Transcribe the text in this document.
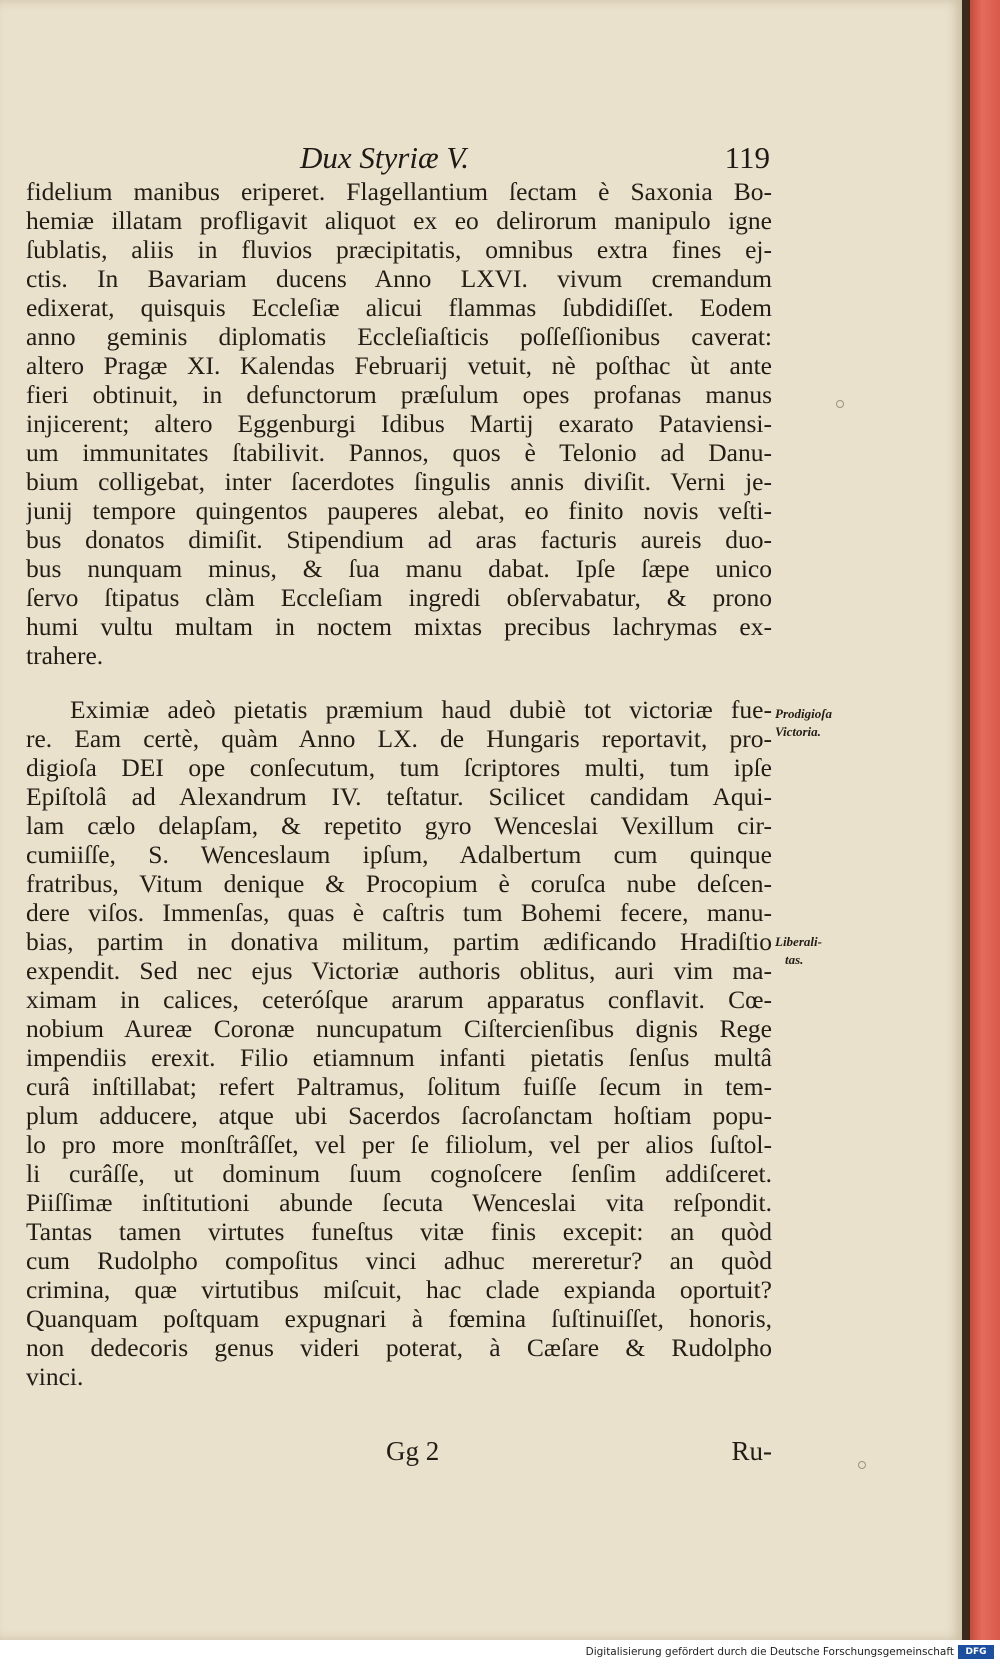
Dux Styriæ V.	119
fidelium manibus eriperet. Flagellantium ſectam è Saxonia Bo-
hemiæ illatam profligavit aliquot ex eo delirorum manipulo igne
ſublatis, aliis in fluvios præcipitatis, omnibus extra fines ej-
ctis. In Bavariam ducens Anno LXVI. vivum cremandum
edixerat, quisquis Eccleſiæ alicui flammas ſubdidiſſet. Eodem
anno geminis diplomatis Eccleſiaſticis poſſeſſionibus caverat:
altero Pragæ XI. Kalendas Februarij vetuit, nè poſthac ùt ante
fieri obtinuit, in defunctorum præſulum opes profanas manus
injicerent; altero Eggenburgi Idibus Martij exarato Pataviensi-
um immunitates ſtabilivit. Pannos, quos è Telonio ad Danu-
bium colligebat, inter ſacerdotes ſingulis annis diviſit. Verni je-
junij tempore quingentos pauperes alebat, eo finito novis veſti-
bus donatos dimiſit. Stipendium ad aras facturis aureis duo-
bus nunquam minus, & ſua manu dabat. Ipſe ſæpe unico
ſervo ſtipatus clàm Eccleſiam ingredi obſervabatur, & prono
humi vultu multam in noctem mixtas precibus lachrymas ex-
trahere.
Eximiæ adeò pietatis præmium haud dubiè tot victoriæ fue-
re. Eam certè, quàm Anno LX. de Hungaris reportavit, pro-
digioſa DEI ope conſecutum, tum ſcriptores multi, tum ipſe
Epiſtolâ ad Alexandrum IV. teſtatur. Scilicet candidam Aqui-
lam cælo delapſam, & repetito gyro Wenceslai Vexillum cir-
cumiiſſe, S. Wenceslaum ipſum, Adalbertum cum quinque
fratribus, Vitum denique & Procopium è coruſca nube deſcen-
dere viſos. Immenſas, quas è caſtris tum Bohemi fecere, manu-
bias, partim in donativa militum, partim ædificando Hradiſtio
expendit. Sed nec ejus Victoriæ authoris oblitus, auri vim ma-
ximam in calices, ceteróſque ararum apparatus conflavit. Cœ-
nobium Aureæ Coronæ nuncupatum Ciſtercienſibus dignis Rege
impendiis erexit. Filio etiamnum infanti pietatis ſenſus multâ
curâ inſtillabat; refert Paltramus, ſolitum fuiſſe ſecum in tem-
plum adducere, atque ubi Sacerdos ſacroſanctam hoſtiam popu-
lo pro more monſtrâſſet, vel per ſe filiolum, vel per alios ſuſtol-
li curâſſe, ut dominum ſuum cognoſcere ſenſim addiſceret.
Piiſſimæ inſtitutioni abunde ſecuta Wenceslai vita reſpondit.
Tantas tamen virtutes funeſtus vitæ finis excepit: an quòd
cum Rudolpho compoſitus vinci adhuc mereretur? an quòd
crimina, quæ virtutibus miſcuit, hac clade expianda oportuit?
Quanquam poſtquam expugnari à fœmina ſuſtinuiſſet, honoris,
non dedecoris genus videri poterat, à Cæſare & Rudolpho
vinci.
Prodigioſa
Victoria.
Liberali-
tas.
Gg 2	Ru-
Digitalisierung gefördert durch die Deutsche Forschungsgemeinschaft	DFG
